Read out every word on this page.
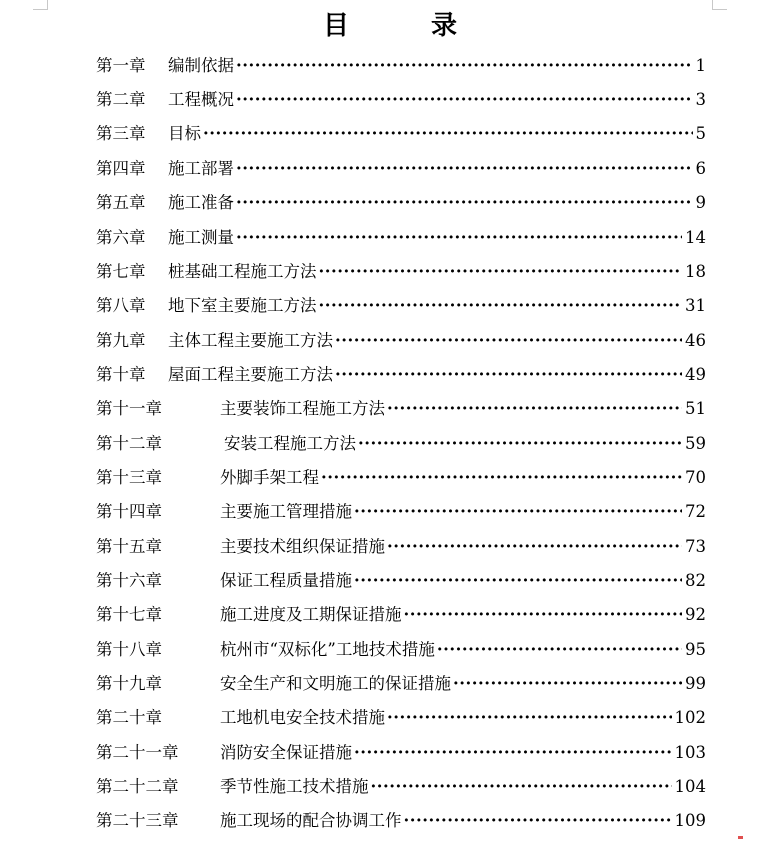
目	录
第一章 编制依据 ·····	1
第二章 工程概况 ·····	3
第三章 目标 ·····	5
第四章 施工部署 ·····	6
第五章 施工准备 ·····	9
第六章 施工测量 ·····	14
第七章 桩基础工程施工方法 ·····	18
第八章 地下室主要施工方法 ·····	31
第九章 主体工程主要施工方法 ·····	46
第十章 屋面工程主要施工方法 ·····	49
第十一章	主要装饰工程施工方法 ·····	51
第十二章	安装工程施工方法 ·····	59
第十三章	外脚手架工程 ·····	70
第十四章	主要施工管理措施 ·····	72
第十五章	主要技术组织保证措施 ·····	73
第十六章	保证工程质量措施 ·····	82
第十七章	施工进度及工期保证措施 ·····	92
第十八章	杭州市“双标化”工地技术措施 ·····	95
第十九章	安全生产和文明施工的保证措施 ·····	99
第二十章	工地机电安全技术措施 ·····	102
第二十一章	消防安全保证措施 ·····	103
第二十二章	季节性施工技术措施 ·····	104
第二十三章	施工现场的配合协调工作 ·····	109
